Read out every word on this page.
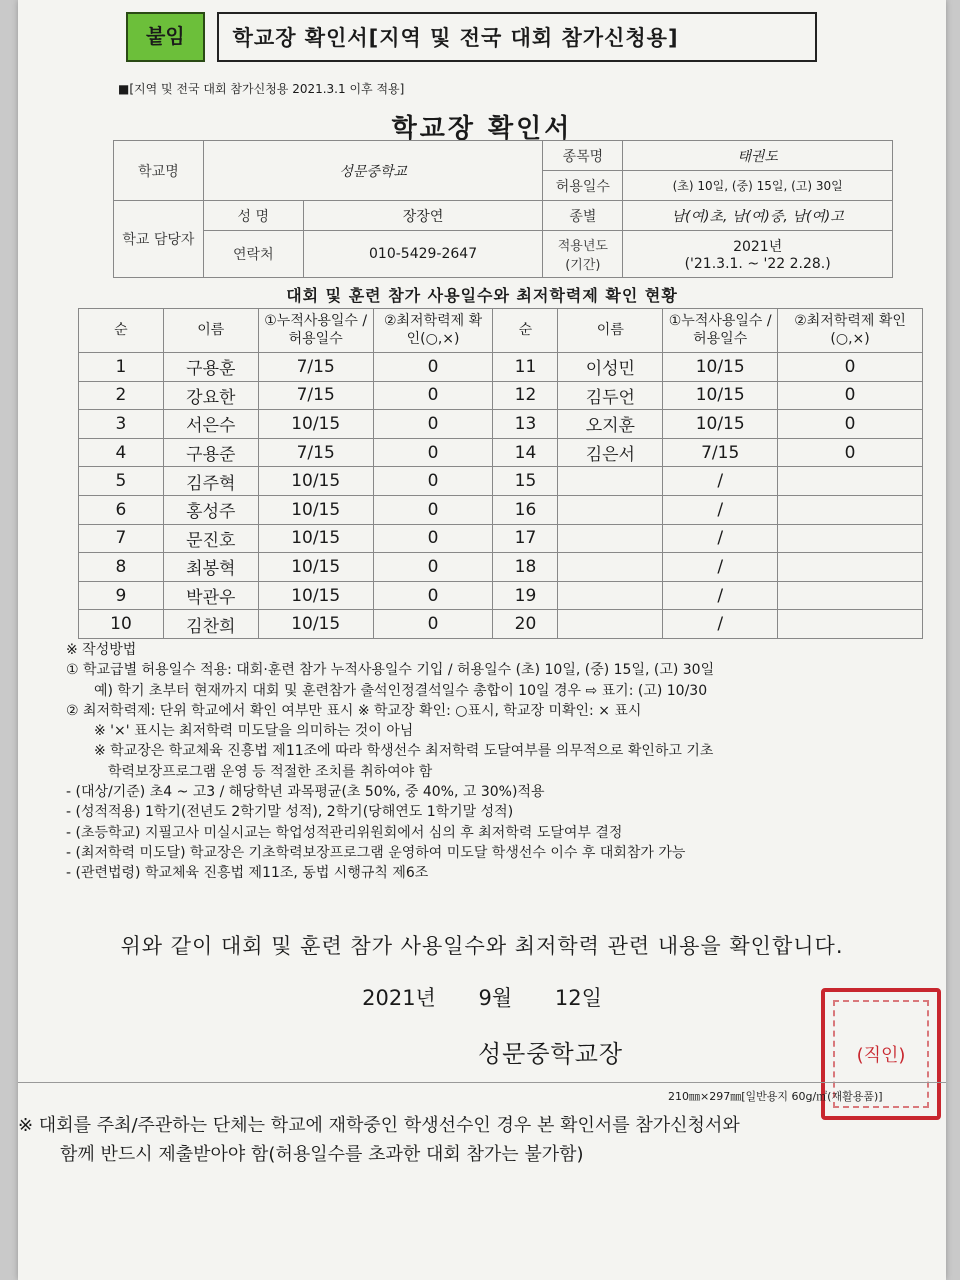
붙임	학교장 확인서[지역 및 전국 대회 참가신청용]
■[지역 및 전국 대회 참가신청용 2021.3.1 이후 적용]
학교장 확인서
학교명	성문중학교		종목명	태권도
			허용일수	(초) 10일, (중) 15일, (고) 30일
학교 담당자	성 명	장장연	종별	남(여)초, 남(여)중, 남(여)고
	연락처	010-5429-2647	적용년도 (기간)	2021년
('21.3.1. ~ '22 2.28.)
대회 및 훈련 참가 사용일수와 최저학력제 확인 현황
순	이름	①누적사용일수 /허용일수	②최저학력제 확인(○,×)	순	이름	①누적사용일수 /허용일수	②최저학력제 확인(○,×)
1	구용훈	7/15	0	11	이성민	10/15	0
2	강요한	7/15	0	12	김두언	10/15	0
3	서은수	10/15	0	13	오지훈	10/15	0
4	구용준	7/15	0	14	김은서	7/15	0
5	김주혁	10/15	0	15		/	
6	홍성주	10/15	0	16		/	
7	문진호	10/15	0	17		/	
8	최봉혁	10/15	0	18		/	
9	박관우	10/15	0	19		/	
10	김찬희	10/15	0	20		/	

※ 작성방법

① 학교급별 허용일수 적용: 대회·훈련 참가 누적사용일수 기입 / 허용일수 (초) 10일, (중) 15일, (고) 30일

예) 학기 초부터 현재까지 대회 및 훈련참가 출석인정결석일수 총합이 10일 경우 ⇨ 표기: (고) 10/30

② 최저학력제: 단위 학교에서 확인 여부만 표시 ※ 학교장 확인: ○표시, 학교장 미확인: × 표시

※ '×' 표시는 최저학력 미도달을 의미하는 것이 아님

※ 학교장은 학교체육 진흥법 제11조에 따라 학생선수 최저학력 도달여부를 의무적으로 확인하고 기초

학력보장프로그램 운영 등 적절한 조치를 취하여야 함

- (대상/기준) 초4 ~ 고3 / 해당학년 과목평균(초 50%, 중 40%, 고 30%)적용

- (성적적용) 1학기(전년도 2학기말 성적), 2학기(당해연도 1학기말 성적)

- (초등학교) 지필고사 미실시교는 학업성적관리위원회에서 심의 후 최저학력 도달여부 결정

- (최저학력 미도달) 학교장은 기초학력보장프로그램 운영하여 미도달 학생선수 이수 후 대회참가 가능

- (관련법령) 학교체육 진흥법 제11조, 동법 시행규칙 제6조

위와 같이 대회 및 훈련 참가 사용일수와 최저학력 관련 내용을 확인합니다.
2021년 9월 12일
성문중학교장	(직인)
210㎜×297㎜[일반용지 60g/㎡(재활용품)]

※ 대회를 주최/주관하는 단체는 학교에 재학중인 학생선수인 경우 본 확인서를 참가신청서와

함께 반드시 제출받아야 함(허용일수를 초과한 대회 참가는 불가함)
